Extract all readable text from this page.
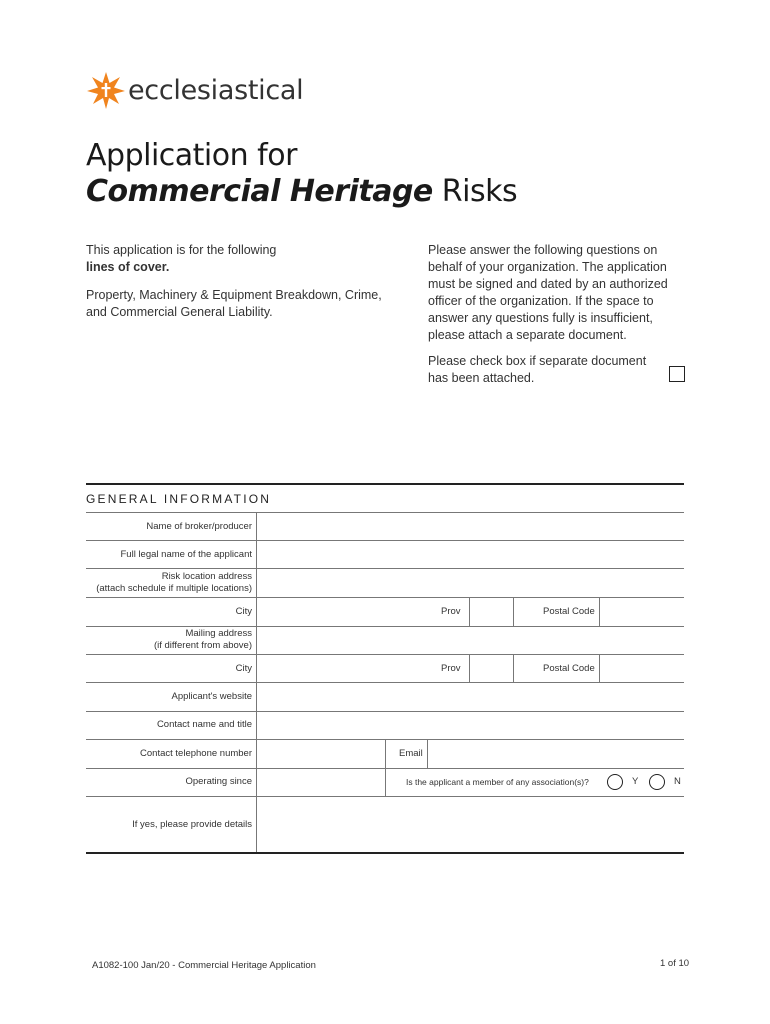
ecclesiastical
Application for
Commercial Heritage Risks

This application is for the following
lines of cover.

Property, Machinery & Equipment Breakdown, Crime, and Commercial General Liability.

Please answer the following questions on behalf of your organization. The application must be signed and dated by an authorized officer of the organization. If the space to answer any questions fully is insufficient, please attach a separate document.

Please check box if separate document has been attached.

GENERAL INFORMATION
Name of broker/producer
Full legal name of the applicant
Risk location address
(attach schedule if multiple locations)
City	Prov	Postal Code
Mailing address
(if different from above)
City	Prov	Postal Code
Applicant's website
Contact name and title
Contact telephone number	Email
Operating since	Is the applicant a member of any association(s)?	Y	N
If yes, please provide details
A1082-100 Jan/20 - Commercial Heritage Application	1 of 10
